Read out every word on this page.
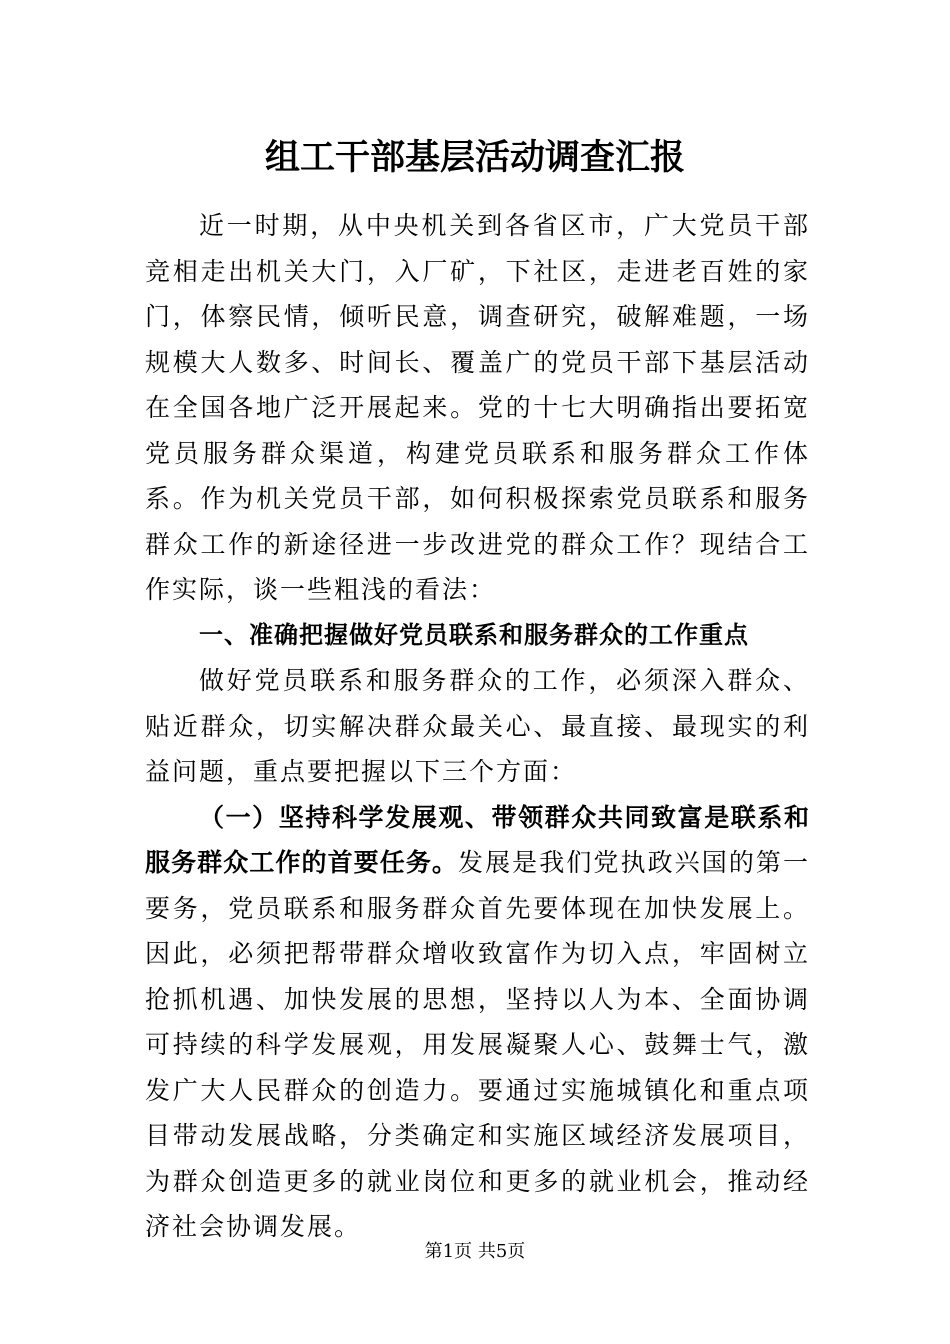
组工干部基层活动调查汇报

近一时期，从中央机关到各省区市，广大党员干部竞相走出机关大门，入厂矿，下社区，走进老百姓的家门，体察民情，倾听民意，调查研究，破解难题，一场规模大人数多、时间长、覆盖广的党员干部下基层活动在全国各地广泛开展起来。党的十七大明确指出要拓宽党员服务群众渠道，构建党员联系和服务群众工作体系。作为机关党员干部，如何积极探索党员联系和服务群众工作的新途径进一步改进党的群众工作？现结合工作实际，谈一些粗浅的看法：

一、准确把握做好党员联系和服务群众的工作重点

做好党员联系和服务群众的工作，必须深入群众、贴近群众，切实解决群众最关心、最直接、最现实的利益问题，重点要把握以下三个方面：

（一）坚持科学发展观、带领群众共同致富是联系和服务群众工作的首要任务。发展是我们党执政兴国的第一要务，党员联系和服务群众首先要体现在加快发展上。因此，必须把帮带群众增收致富作为切入点，牢固树立抢抓机遇、加快发展的思想，坚持以人为本、全面协调可持续的科学发展观，用发展凝聚人心、鼓舞士气，激发广大人民群众的创造力。要通过实施城镇化和重点项目带动发展战略，分类确定和实施区域经济发展项目，为群众创造更多的就业岗位和更多的就业机会，推动经济社会协调发展。

第1页 共5页
